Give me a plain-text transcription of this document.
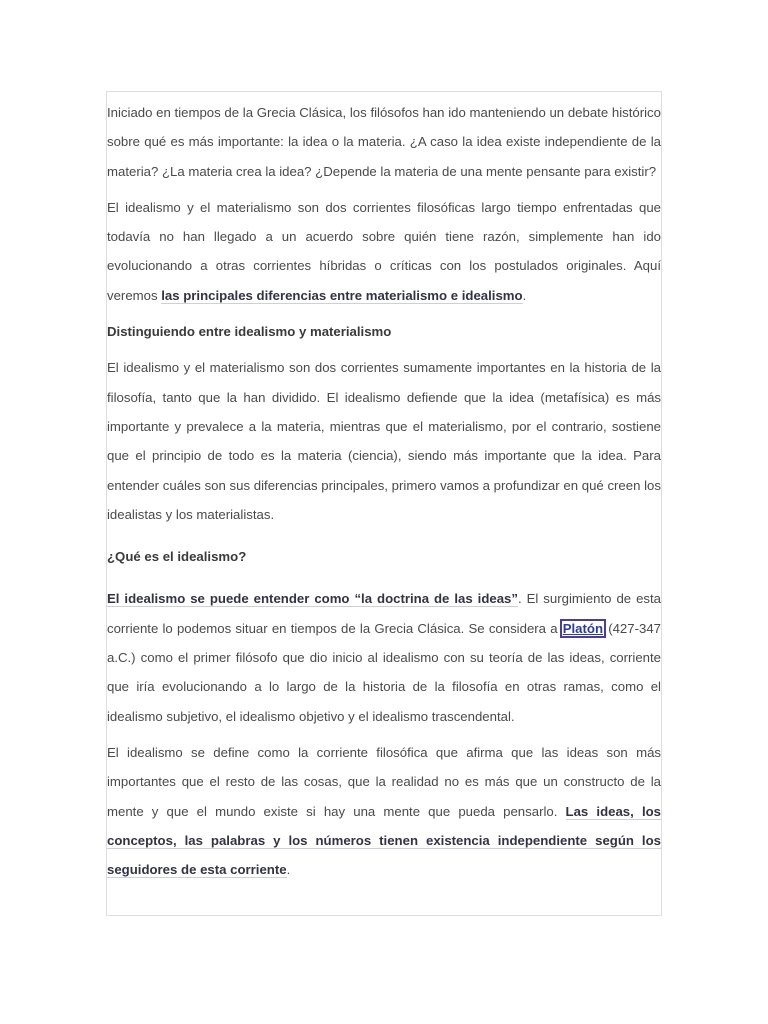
Iniciado en tiempos de la Grecia Clásica, los filósofos han ido manteniendo un debate histórico sobre qué es más importante: la idea o la materia. ¿A caso la idea existe independiente de la materia? ¿La materia crea la idea? ¿Depende la materia de una mente pensante para existir?

El idealismo y el materialismo son dos corrientes filosóficas largo tiempo enfrentadas que todavía no han llegado a un acuerdo sobre quién tiene razón, simplemente han ido evolucionando a otras corrientes híbridas o críticas con los postulados originales. Aquí veremos las principales diferencias entre materialismo e idealismo.

Distinguiendo entre idealismo y materialismo

El idealismo y el materialismo son dos corrientes sumamente importantes en la historia de la filosofía, tanto que la han dividido. El idealismo defiende que la idea (metafísica) es más importante y prevalece a la materia, mientras que el materialismo, por el contrario, sostiene que el principio de todo es la materia (ciencia), siendo más importante que la idea. Para entender cuáles son sus diferencias principales, primero vamos a profundizar en qué creen los idealistas y los materialistas.

¿Qué es el idealismo?

El idealismo se puede entender como “la doctrina de las ideas”. El surgimiento de esta corriente lo podemos situar en tiempos de la Grecia Clásica. Se considera a Platón (427-347 a.C.) como el primer filósofo que dio inicio al idealismo con su teoría de las ideas, corriente que iría evolucionando a lo largo de la historia de la filosofía en otras ramas, como el idealismo subjetivo, el idealismo objetivo y el idealismo trascendental.

El idealismo se define como la corriente filosófica que afirma que las ideas son más importantes que el resto de las cosas, que la realidad no es más que un constructo de la mente y que el mundo existe si hay una mente que pueda pensarlo. Las ideas, los conceptos, las palabras y los números tienen existencia independiente según los seguidores de esta corriente.
